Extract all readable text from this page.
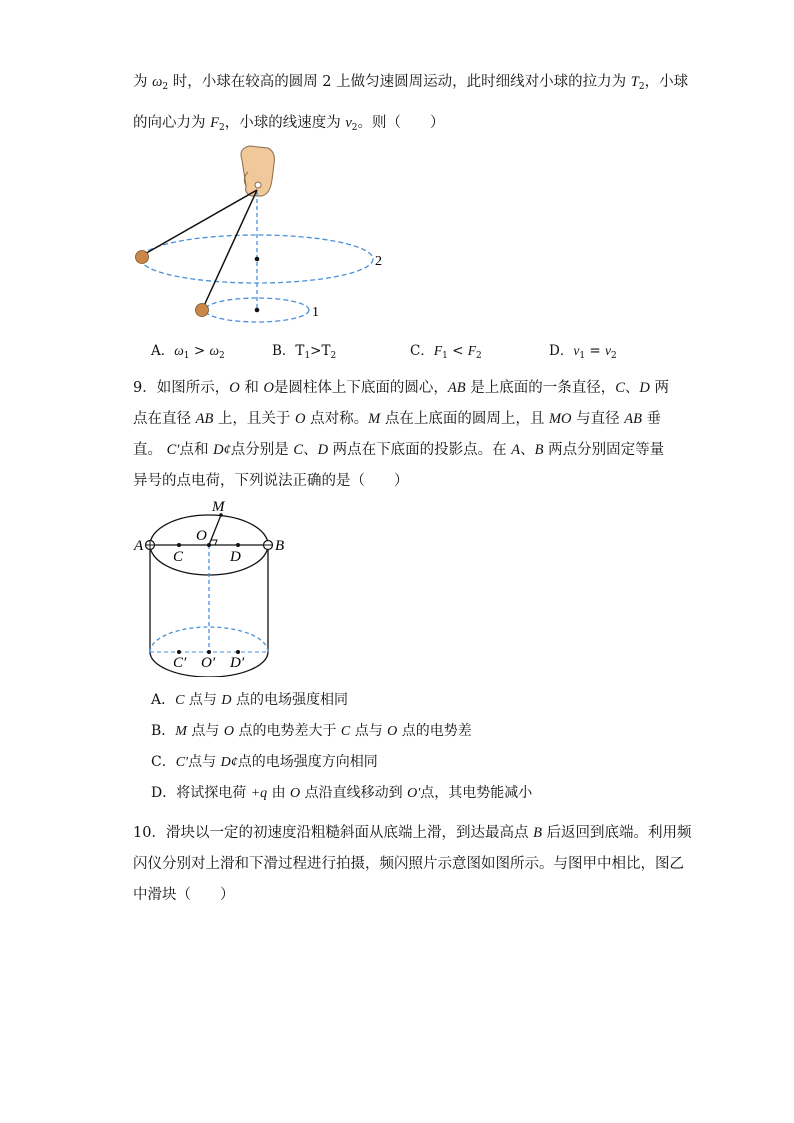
为 $\omega_2$ 时，小球在较高的圆周 2 上做匀速圆周运动，此时细线对小球的拉力为 $T_2$，小球
的向心力为 $F_2$，小球的线速度为 $v_2$。则（　　）
2
1
A．$\omega_1 > \omega_2$	B．$T_1>T_2$	C．$F_1 < F_2$	D．$v_1 = v_2$
9．如图所示，O 和 O是圆柱体上下底面的圆心，AB 是上底面的一条直径，C、D 两
点在直径 AB 上，且关于 O 点对称。M 点在上底面的圆周上，且 MO 与直径 AB 垂
直。 C′点和 D¢点分别是 C、D 两点在下底面的投影点。在 A、B 两点分别固定等量
异号的点电荷，下列说法正确的是（　　）
M
O
A	B
C	D
C′ O′ D′
A．C 点与 D 点的电场强度相同
B．M 点与 O 点的电势差大于 C 点与 O 点的电势差
C．C′点与 D¢点的电场强度方向相同
D．将试探电荷 +q 由 O 点沿直线移动到 O′点，其电势能减小
10．滑块以一定的初速度沿粗糙斜面从底端上滑，到达最高点 B 后返回到底端。利用频
闪仪分别对上滑和下滑过程进行拍摄，频闪照片示意图如图所示。与图甲中相比，图乙
中滑块（　　）
